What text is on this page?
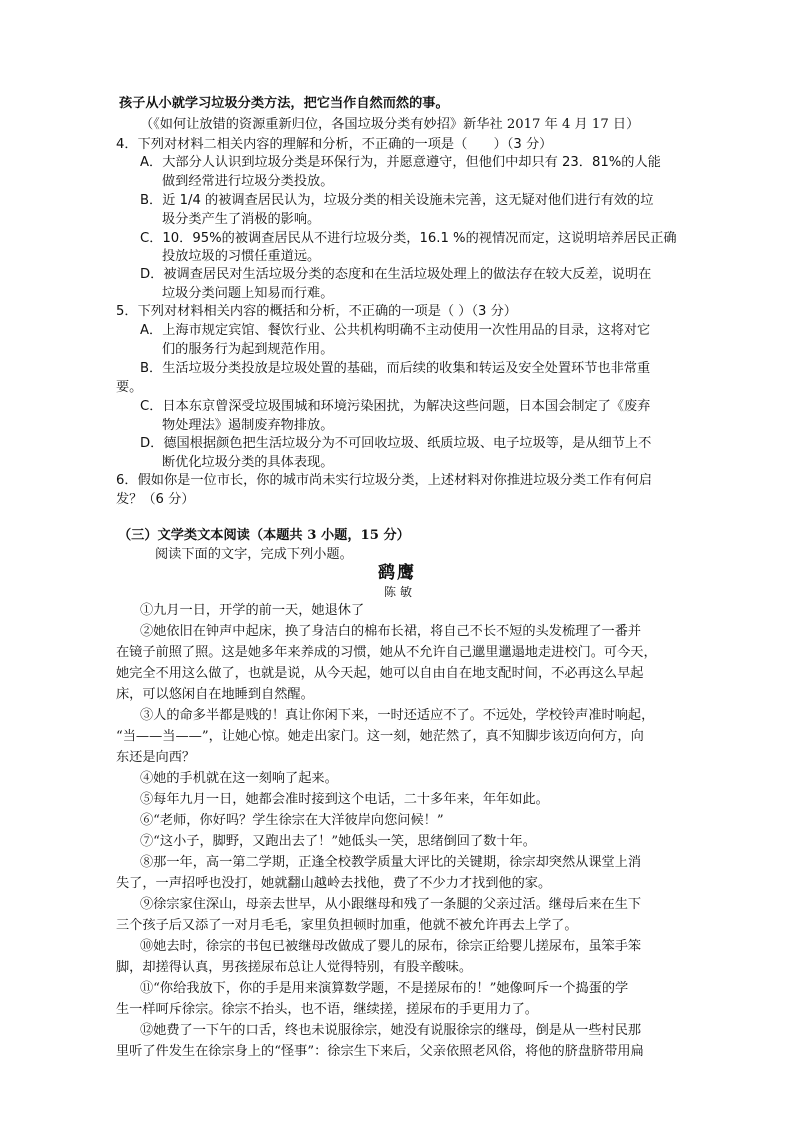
孩子从小就学习垃圾分类方法，把它当作自然而然的事。
（《如何让放错的资源重新归位，各国垃圾分类有妙招》新华社 2017 年 4 月 17 日）
4．下列对材料二相关内容的理解和分析，不正确的一项是（　　）（3 分）
A．大部分人认识到垃圾分类是环保行为，并愿意遵守，但他们中却只有 23．81%的人能
做到经常进行垃圾分类投放。
B．近 1/4 的被调查居民认为，垃圾分类的相关设施未完善，这无疑对他们进行有效的垃
圾分类产生了消极的影响。
C．10．95%的被调查居民从不进行垃圾分类，16.1 %的视情况而定，这说明培养居民正确
投放垃圾的习惯任重道远。
D．被调查居民对生活垃圾分类的态度和在生活垃圾处理上的做法存在较大反差，说明在
垃圾分类问题上知易而行难。
5．下列对材料相关内容的概括和分析，不正确的一项是（ ）（3 分）
A．上海市规定宾馆、餐饮行业、公共机构明确不主动使用一次性用品的目录，这将对它
们的服务行为起到规范作用。
B．生活垃圾分类投放是垃圾处置的基础，而后续的收集和转运及安全处置环节也非常重
要。
C．日本东京曾深受垃圾围城和环境污染困扰，为解决这些问题，日本国会制定了《废弃
物处理法》遏制废弃物排放。
D．德国根据颜色把生活垃圾分为不可回收垃圾、纸质垃圾、电子垃圾等，是从细节上不
断优化垃圾分类的具体表现。
6．假如你是一位市长，你的城市尚未实行垃圾分类，上述材料对你推进垃圾分类工作有何启
发？（6 分）
（三）文学类文本阅读（本题共 3 小题，15 分）
阅读下面的文字，完成下列小题。
鹞鹰
陈敏
①九月一日，开学的前一天，她退休了
②她依旧在钟声中起床，换了身洁白的棉布长裙，将自己不长不短的头发梳理了一番并
在镜子前照了照。这是她多年来养成的习惯，她从不允许自己邋里邋遢地走进校门。可今天，
她完全不用这么做了，也就是说，从今天起，她可以自由自在地支配时间，不必再这么早起
床，可以悠闲自在地睡到自然醒。
③人的命多半都是贱的！真让你闲下来，一时还适应不了。不远处，学校铃声准时响起，
“当——当——”，让她心惊。她走出家门。这一刻，她茫然了，真不知脚步该迈向何方，向
东还是向西？
④她的手机就在这一刻响了起来。
⑤每年九月一日，她都会准时接到这个电话，二十多年来，年年如此。
⑥“老师，你好吗？学生徐宗在大洋彼岸向您问候！”
⑦“这小子，脚野，又跑出去了！”她低头一笑，思绪倒回了数十年。
⑧那一年，高一第二学期，正逢全校教学质量大评比的关键期，徐宗却突然从课堂上消
失了，一声招呼也没打，她就翻山越岭去找他，费了不少力才找到他的家。
⑨徐宗家住深山，母亲去世早，从小跟继母和残了一条腿的父亲过活。继母后来在生下
三个孩子后又添了一对月毛毛，家里负担顿时加重，他就不被允许再去上学了。
⑩她去时，徐宗的书包已被继母改做成了婴儿的尿布，徐宗正给婴儿搓尿布，虽笨手笨
脚，却搓得认真，男孩搓尿布总让人觉得特别，有股辛酸味。
⑪“你给我放下，你的手是用来演算数学题，不是搓尿布的！”她像呵斥一个捣蛋的学
生一样呵斥徐宗。徐宗不抬头，也不语，继续搓，搓尿布的手更用力了。
⑫她费了一下午的口舌，终也未说服徐宗，她没有说服徐宗的继母，倒是从一些村民那
里听了件发生在徐宗身上的“怪事”：徐宗生下来后，父亲依照老风俗，将他的脐盘脐带用扁
